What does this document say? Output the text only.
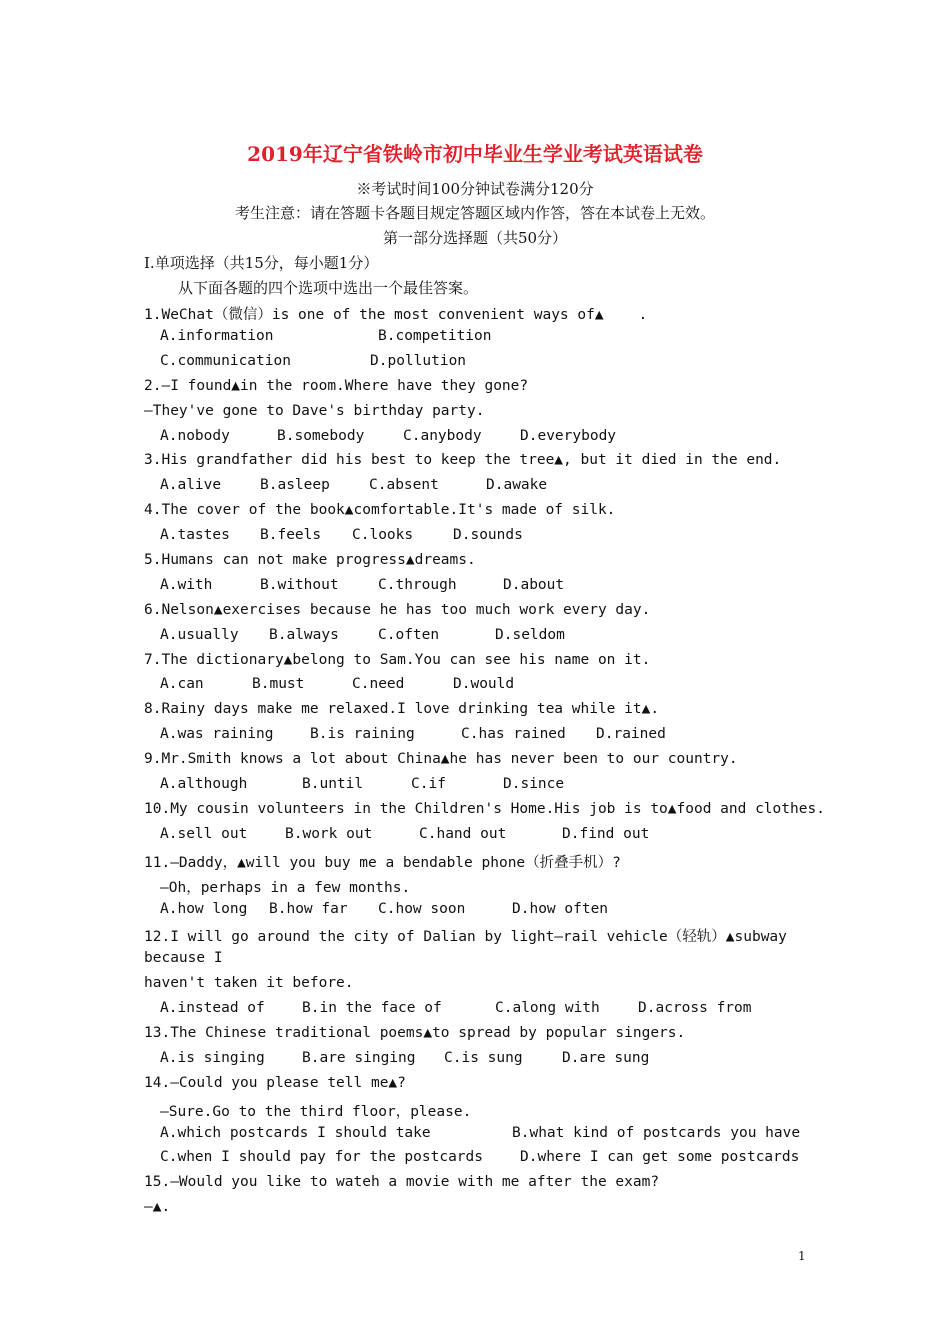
2019年辽宁省铁岭市初中毕业生学业考试英语试卷
※考试时间100分钟试卷满分120分
考生注意：请在答题卡各题目规定答题区域内作答，答在本试卷上无效。
第一部分选择题（共50分）
I.单项选择（共15分，每小题1分）
从下面各题的四个选项中选出一个最佳答案。
1.WeChat（微信）is one of the most convenient ways of▲    .
A.information	B.competition
C.communication	D.pollution
2.—I found▲in the room.Where have they gone?
—They've gone to Dave's birthday party.
A.nobody	B.somebody	C.anybody	D.everybody
3.His grandfather did his best to keep the tree▲, but it died in the end.
A.alive	B.asleep	C.absent	D.awake
4.The cover of the book▲comfortable.It's made of silk.
A.tastes B.feels C.looks	D.sounds
5.Humans can not make progress▲dreams.
A.with	B.without	C.through	D.about
6.Nelson▲exercises because he has too much work every day.
A.usually B.always	C.often	D.seldom
7.The dictionary▲belong to Sam.You can see his name on it.
A.can	B.must	C.need	D.would
8.Rainy days make me relaxed.I love drinking tea while it▲.
A.was raining	B.is raining	C.has rained D.rained
9.Mr.Smith knows a lot about China▲he has never been to our country.
A.although	B.until	C.if	D.since
10.My cousin volunteers in the Children's Home.His job is to▲food and clothes.
A.sell out	B.work out	C.hand out	D.find out
11.—Daddy，▲will you buy me a bendable phone（折叠手机）?
—Oh，perhaps in a few months.
A.how long B.how far C.how soon	D.how often
12.I will go around the city of Dalian by light—rail vehicle（轻轨）▲subway
because I
haven't taken it before.
A.instead of	B.in the face of	C.along with	D.across from
13.The Chinese traditional poems▲to spread by popular singers.
A.is singing	B.are singing C.is sung	D.are sung
14.—Could you please tell me▲?
—Sure.Go to the third floor，please.
A.which postcards I should take	B.what kind of postcards you have
C.when I should pay for the postcards	D.where I can get some postcards
15.—Would you like to wateh a movie with me after the exam?
—▲.
1
